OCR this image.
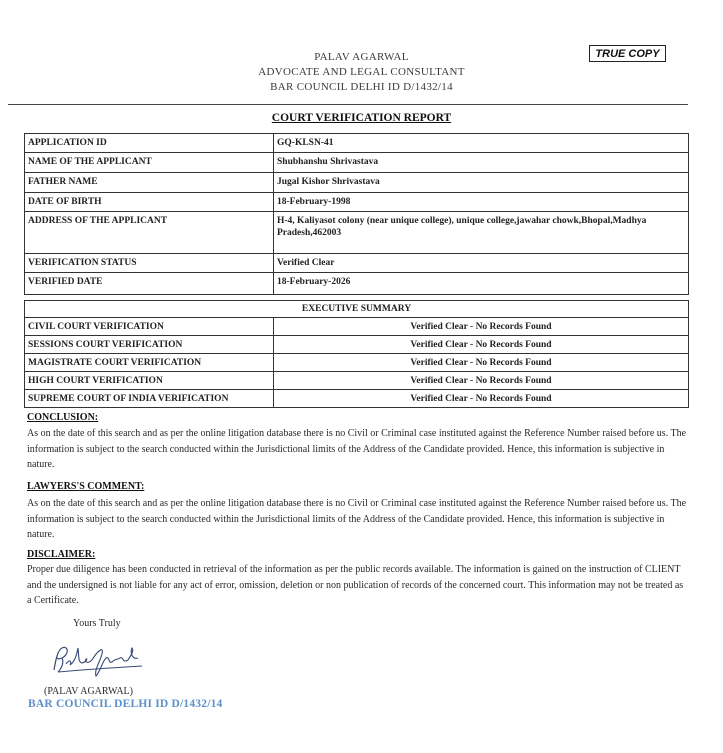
PALAV AGARWAL
ADVOCATE AND LEGAL CONSULTANT
BAR COUNCIL DELHI ID D/1432/14
TRUE COPY
COURT VERIFICATION REPORT
APPLICATION ID	GQ-KLSN-41
NAME OF THE APPLICANT	Shubhanshu Shrivastava
FATHER NAME	Jugal Kishor Shrivastava
DATE OF BIRTH	18-February-1998
ADDRESS OF THE APPLICANT	H-4, Kaliyasot colony (near unique college), unique college,jawahar chowk,Bhopal,Madhya Pradesh,462003
VERIFICATION STATUS	Verified Clear
VERIFIED DATE	18-February-2026
EXECUTIVE SUMMARY	
CIVIL COURT VERIFICATION	Verified Clear - No Records Found
SESSIONS COURT VERIFICATION	Verified Clear - No Records Found
MAGISTRATE COURT VERIFICATION	Verified Clear - No Records Found
HIGH COURT VERIFICATION	Verified Clear - No Records Found
SUPREME COURT OF INDIA VERIFICATION	Verified Clear - No Records Found
CONCLUSION:
As on the date of this search and as per the online litigation database there is no Civil or Criminal case instituted against the Reference Number raised before us. The information is subject to the search conducted within the Jurisdictional limits of the Address of the Candidate provided. Hence, this information is subjective in nature.
LAWYERS'S COMMENT:
As on the date of this search and as per the online litigation database there is no Civil or Criminal case instituted against the Reference Number raised before us. The information is subject to the search conducted within the Jurisdictional limits of the Address of the Candidate provided. Hence, this information is subjective in nature.
DISCLAIMER:
Proper due diligence has been conducted in retrieval of the information as per the public records available. The information is gained on the instruction of CLIENT and the undersigned is not liable for any act of error, omission, deletion or non publication of records of the concerned court. This information may not be treated as a Certificate.
Yours Truly
(PALAV AGARWAL)
BAR COUNCIL DELHI ID D/1432/14
